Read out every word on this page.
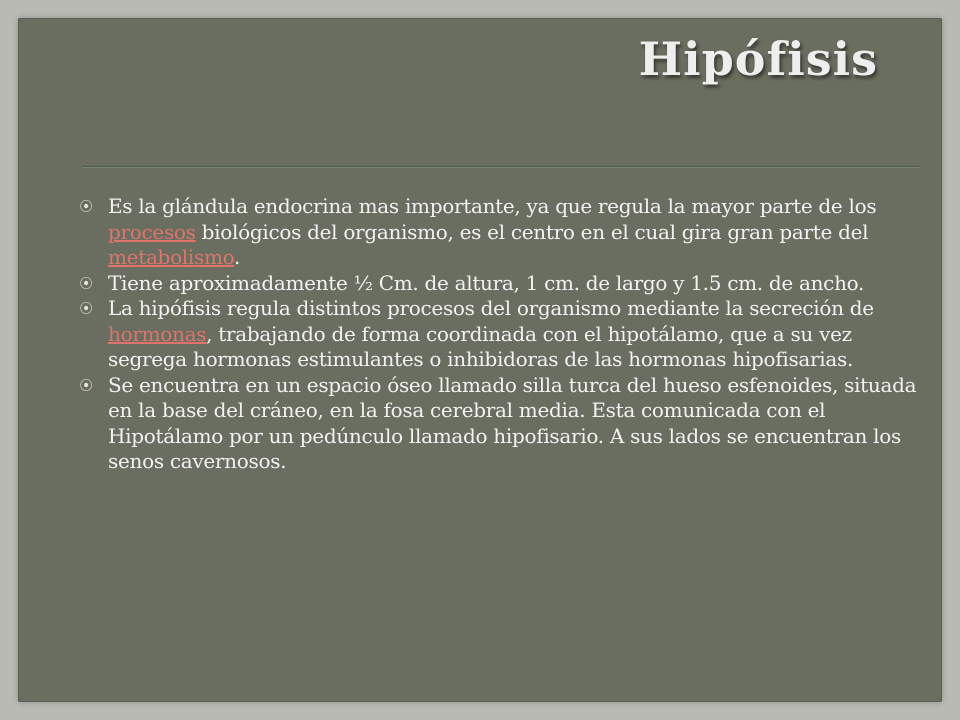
Hipófisis
⦿ Es la glándula endocrina mas importante, ya que regula la mayor parte de los procesos biológicos del organismo, es el centro en el cual gira gran parte del metabolismo.
⦿ Tiene aproximadamente ½ Cm. de altura, 1 cm. de largo y 1.5 cm. de ancho.
⦿ La hipófisis regula distintos procesos del organismo mediante la secreción de hormonas, trabajando de forma coordinada con el hipotálamo, que a su vez segrega hormonas estimulantes o inhibidoras de las hormonas hipofisarias.
⦿ Se encuentra en un espacio óseo llamado silla turca del hueso esfenoides, situada en la base del cráneo, en la fosa cerebral media. Esta comunicada con el Hipotálamo por un pedúnculo llamado hipofisario. A sus lados se encuentran los senos cavernosos.
